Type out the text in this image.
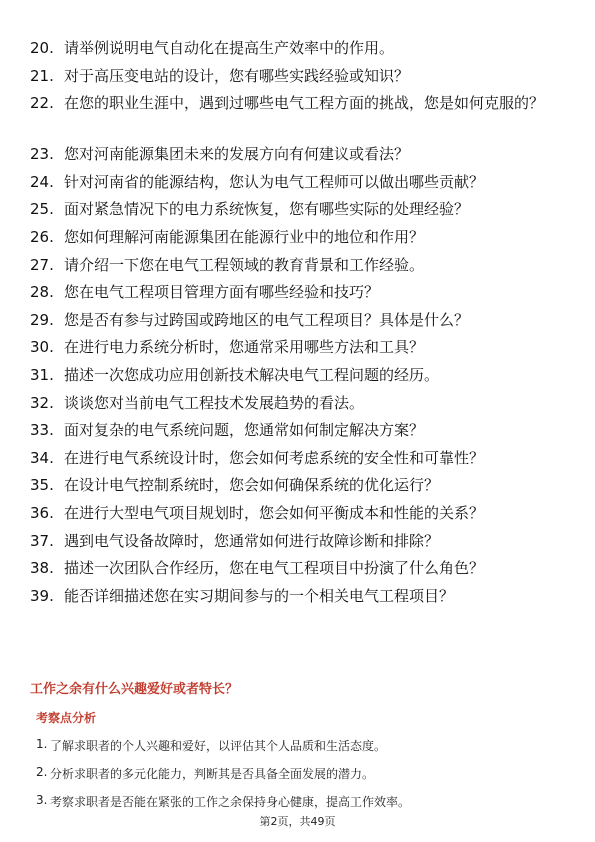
20. 请举例说明电气自动化在提高生产效率中的作用。
21. 对于高压变电站的设计，您有哪些实践经验或知识？
22. 在您的职业生涯中，遇到过哪些电气工程方面的挑战，您是如何克服的？
23. 您对河南能源集团未来的发展方向有何建议或看法？
24. 针对河南省的能源结构，您认为电气工程师可以做出哪些贡献？
25. 面对紧急情况下的电力系统恢复，您有哪些实际的处理经验？
26. 您如何理解河南能源集团在能源行业中的地位和作用？
27. 请介绍一下您在电气工程领域的教育背景和工作经验。
28. 您在电气工程项目管理方面有哪些经验和技巧？
29. 您是否有参与过跨国或跨地区的电气工程项目？具体是什么？
30. 在进行电力系统分析时，您通常采用哪些方法和工具？
31. 描述一次您成功应用创新技术解决电气工程问题的经历。
32. 谈谈您对当前电气工程技术发展趋势的看法。
33. 面对复杂的电气系统问题，您通常如何制定解决方案？
34. 在进行电气系统设计时，您会如何考虑系统的安全性和可靠性？
35. 在设计电气控制系统时，您会如何确保系统的优化运行？
36. 在进行大型电气项目规划时，您会如何平衡成本和性能的关系？
37. 遇到电气设备故障时，您通常如何进行故障诊断和排除？
38. 描述一次团队合作经历，您在电气工程项目中扮演了什么角色？
39. 能否详细描述您在实习期间参与的一个相关电气工程项目？
工作之余有什么兴趣爱好或者特长？
考察点分析
1. 了解求职者的个人兴趣和爱好，以评估其个人品质和生活态度。
2. 分析求职者的多元化能力，判断其是否具备全面发展的潜力。
3. 考察求职者是否能在紧张的工作之余保持身心健康，提高工作效率。
第2页，共49页
